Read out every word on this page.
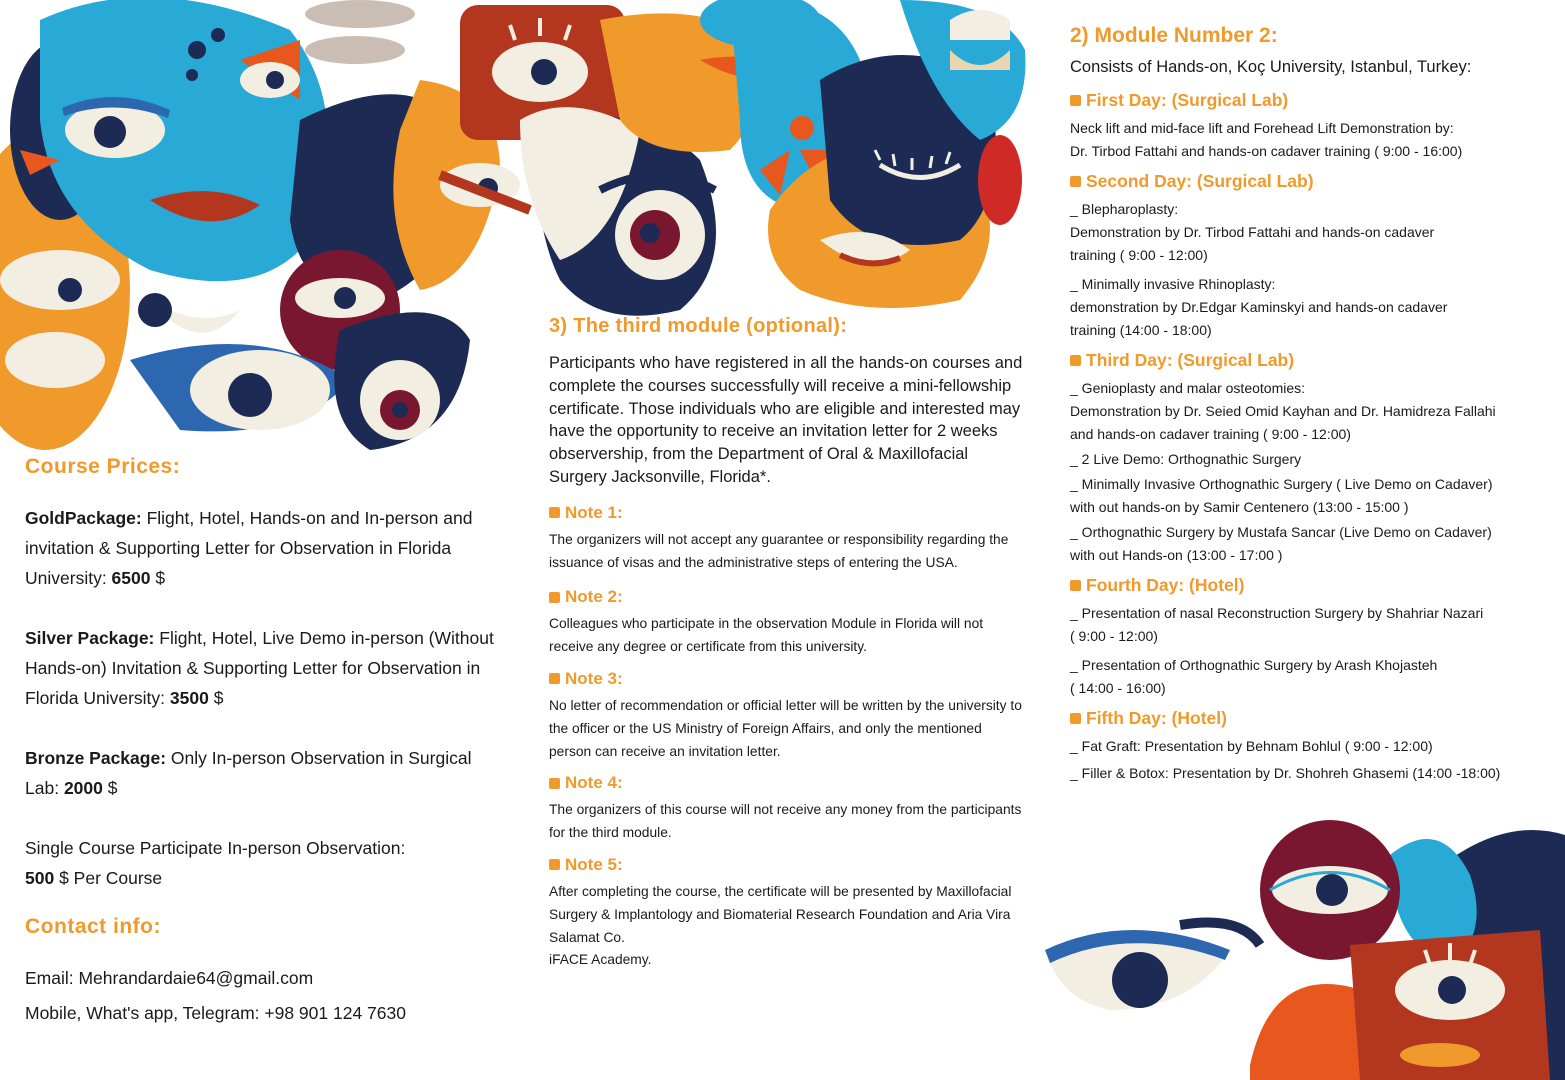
Course Prices:

GoldPackage: Flight, Hotel, Hands-on and In-person and invitation & Supporting Letter for Observation in Florida University: 6500 $

Silver Package: Flight, Hotel, Live Demo in-person (Without Hands-on) Invitation & Supporting Letter for Observation in Florida University: 3500 $

Bronze Package: Only In-person Observation in Surgical Lab: 2000 $

Single Course Participate In-person Observation:
500 $ Per Course

Contact info:

Email: Mehrandardaie64@gmail.com

Mobile, What's app, Telegram: +98 901 124 7630

3) The third module (optional):

Participants who have registered in all the hands-on courses and complete the courses successfully will receive a mini-fellowship certificate. Those individuals who are eligible and interested may have the opportunity to receive an invitation letter for 2 weeks observership, from the Department of Oral & Maxillofacial Surgery Jacksonville, Florida*.

Note 1:

The organizers will not accept any guarantee or responsibility regarding the issuance of visas and the administrative steps of entering the USA.

Note 2:

Colleagues who participate in the observation Module in Florida will not receive any degree or certificate from this university.

Note 3:

No letter of recommendation or official letter will be written by the university to the officer or the US Ministry of Foreign Affairs, and only the mentioned person can receive an invitation letter.

Note 4:

The organizers of this course will not receive any money from the participants for the third module.

Note 5:

After completing the course, the certificate will be presented by Maxillofacial Surgery & Implantology and Biomaterial Research Foundation and Aria Vira Salamat Co.

iFACE Academy.

2) Module Number 2:

Consists of Hands-on, Koç University, Istanbul, Turkey:

First Day: (Surgical Lab)

Neck lift and mid-face lift and Forehead Lift Demonstration by:

Dr. Tirbod Fattahi and hands-on cadaver training ( 9:00 - 16:00)

Second Day: (Surgical Lab)

_ Blepharoplasty:

Demonstration by Dr. Tirbod Fattahi and hands-on cadaver

training ( 9:00 - 12:00)

_ Minimally invasive Rhinoplasty:

demonstration by Dr.Edgar Kaminskyi and hands-on cadaver

training (14:00 - 18:00)

Third Day: (Surgical Lab)

_ Genioplasty and malar osteotomies:

Demonstration by Dr. Seied Omid Kayhan and Dr. Hamidreza Fallahi

and hands-on cadaver training ( 9:00 - 12:00)

_ 2 Live Demo: Orthognathic Surgery

_ Minimally Invasive Orthognathic Surgery ( Live Demo on Cadaver)

with out hands-on by Samir Centenero (13:00 - 15:00 )

_ Orthognathic Surgery by Mustafa Sancar (Live Demo on Cadaver)

with out Hands-on (13:00 - 17:00 )

Fourth Day: (Hotel)

_ Presentation of nasal Reconstruction Surgery by Shahriar Nazari

( 9:00 - 12:00)

_ Presentation of Orthognathic Surgery by Arash Khojasteh

( 14:00 - 16:00)

Fifth Day: (Hotel)

_ Fat Graft: Presentation by Behnam Bohlul ( 9:00 - 12:00)

_ Filler & Botox: Presentation by Dr. Shohreh Ghasemi (14:00 -18:00)
